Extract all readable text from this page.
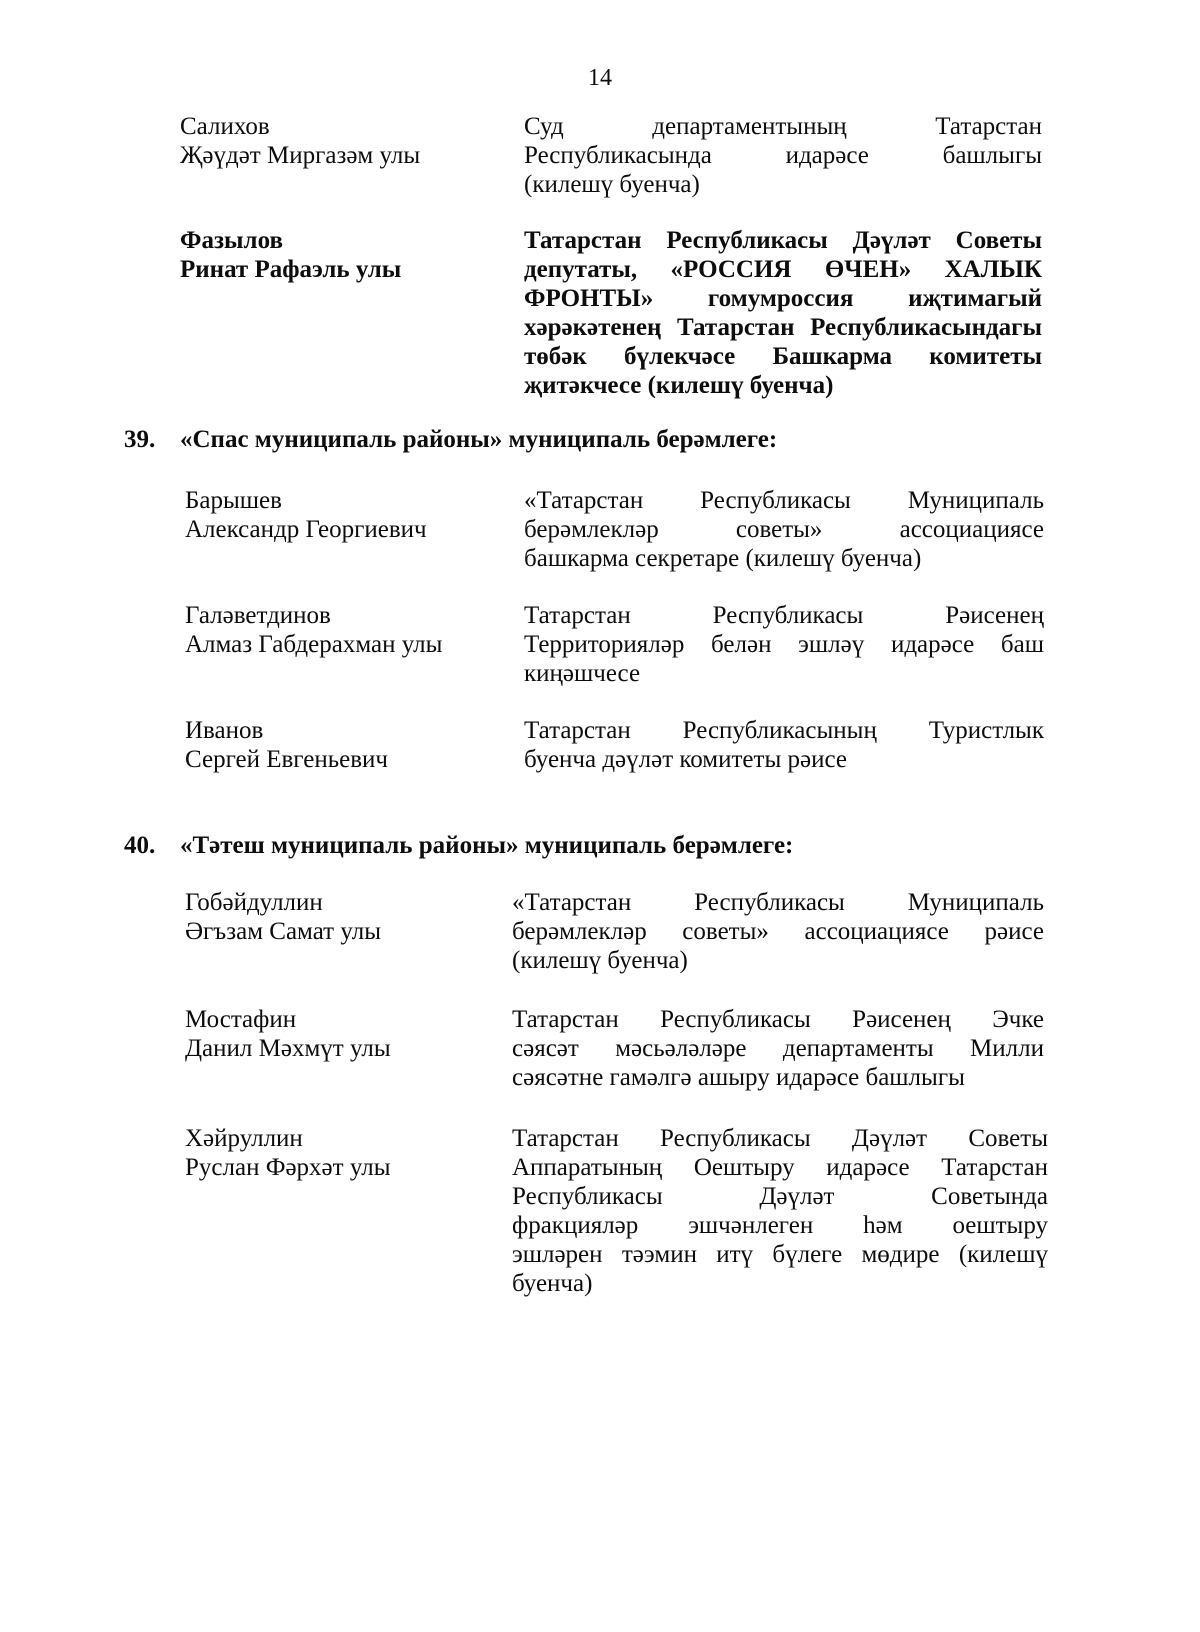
14
Салихов
Җәүдәт Миргазәм улы
Суд департаментының Татарстан
Республикасында идарәсе башлыгы
(килешү буенча)
Фазылов
Ринат Рафаэль улы
Татарстан Республикасы Дәүләт Советы
депутаты, «РОССИЯ ӨЧЕН» ХАЛЫК
ФРОНТЫ» гомумроссия иҗтимагый
хәрәкәтенең Татарстан Республикасындагы
төбәк бүлекчәсе Башкарма комитеты
җитәкчесе (килешү буенча)
39. «Спас муниципаль районы» муниципаль берәмлеге:
Барышев
Александр Георгиевич
«Татарстан Республикасы Муниципаль
берәмлекләр советы» ассоциациясе
башкарма секретаре (килешү буенча)
Галәветдинов
Алмаз Габдерахман улы
Татарстан Республикасы Рәисенең
Территорияләр белән эшләү идарәсе баш
киңәшчесе
Иванов
Сергей Евгеньевич
Татарстан Республикасының Туристлык
буенча дәүләт комитеты рәисе
40. «Тәтеш муниципаль районы» муниципаль берәмлеге:
Гобәйдуллин
Әгъзам Самат улы
«Татарстан Республикасы Муниципаль
берәмлекләр советы» ассоциациясе рәисе
(килешү буенча)
Мостафин
Данил Мәхмүт улы
Татарстан Республикасы Рәисенең Эчке
сәясәт мәсьәләләре департаменты Милли
сәясәтне гамәлгә ашыру идарәсе башлыгы
Хәйруллин
Руслан Фәрхәт улы
Татарстан Республикасы Дәүләт Советы
Аппаратының Оештыру идарәсе Татарстан
Республикасы Дәүләт Советында
фракцияләр эшчәнлеген һәм оештыру
эшләрен тәэмин итү бүлеге мөдире (килешү
буенча)
